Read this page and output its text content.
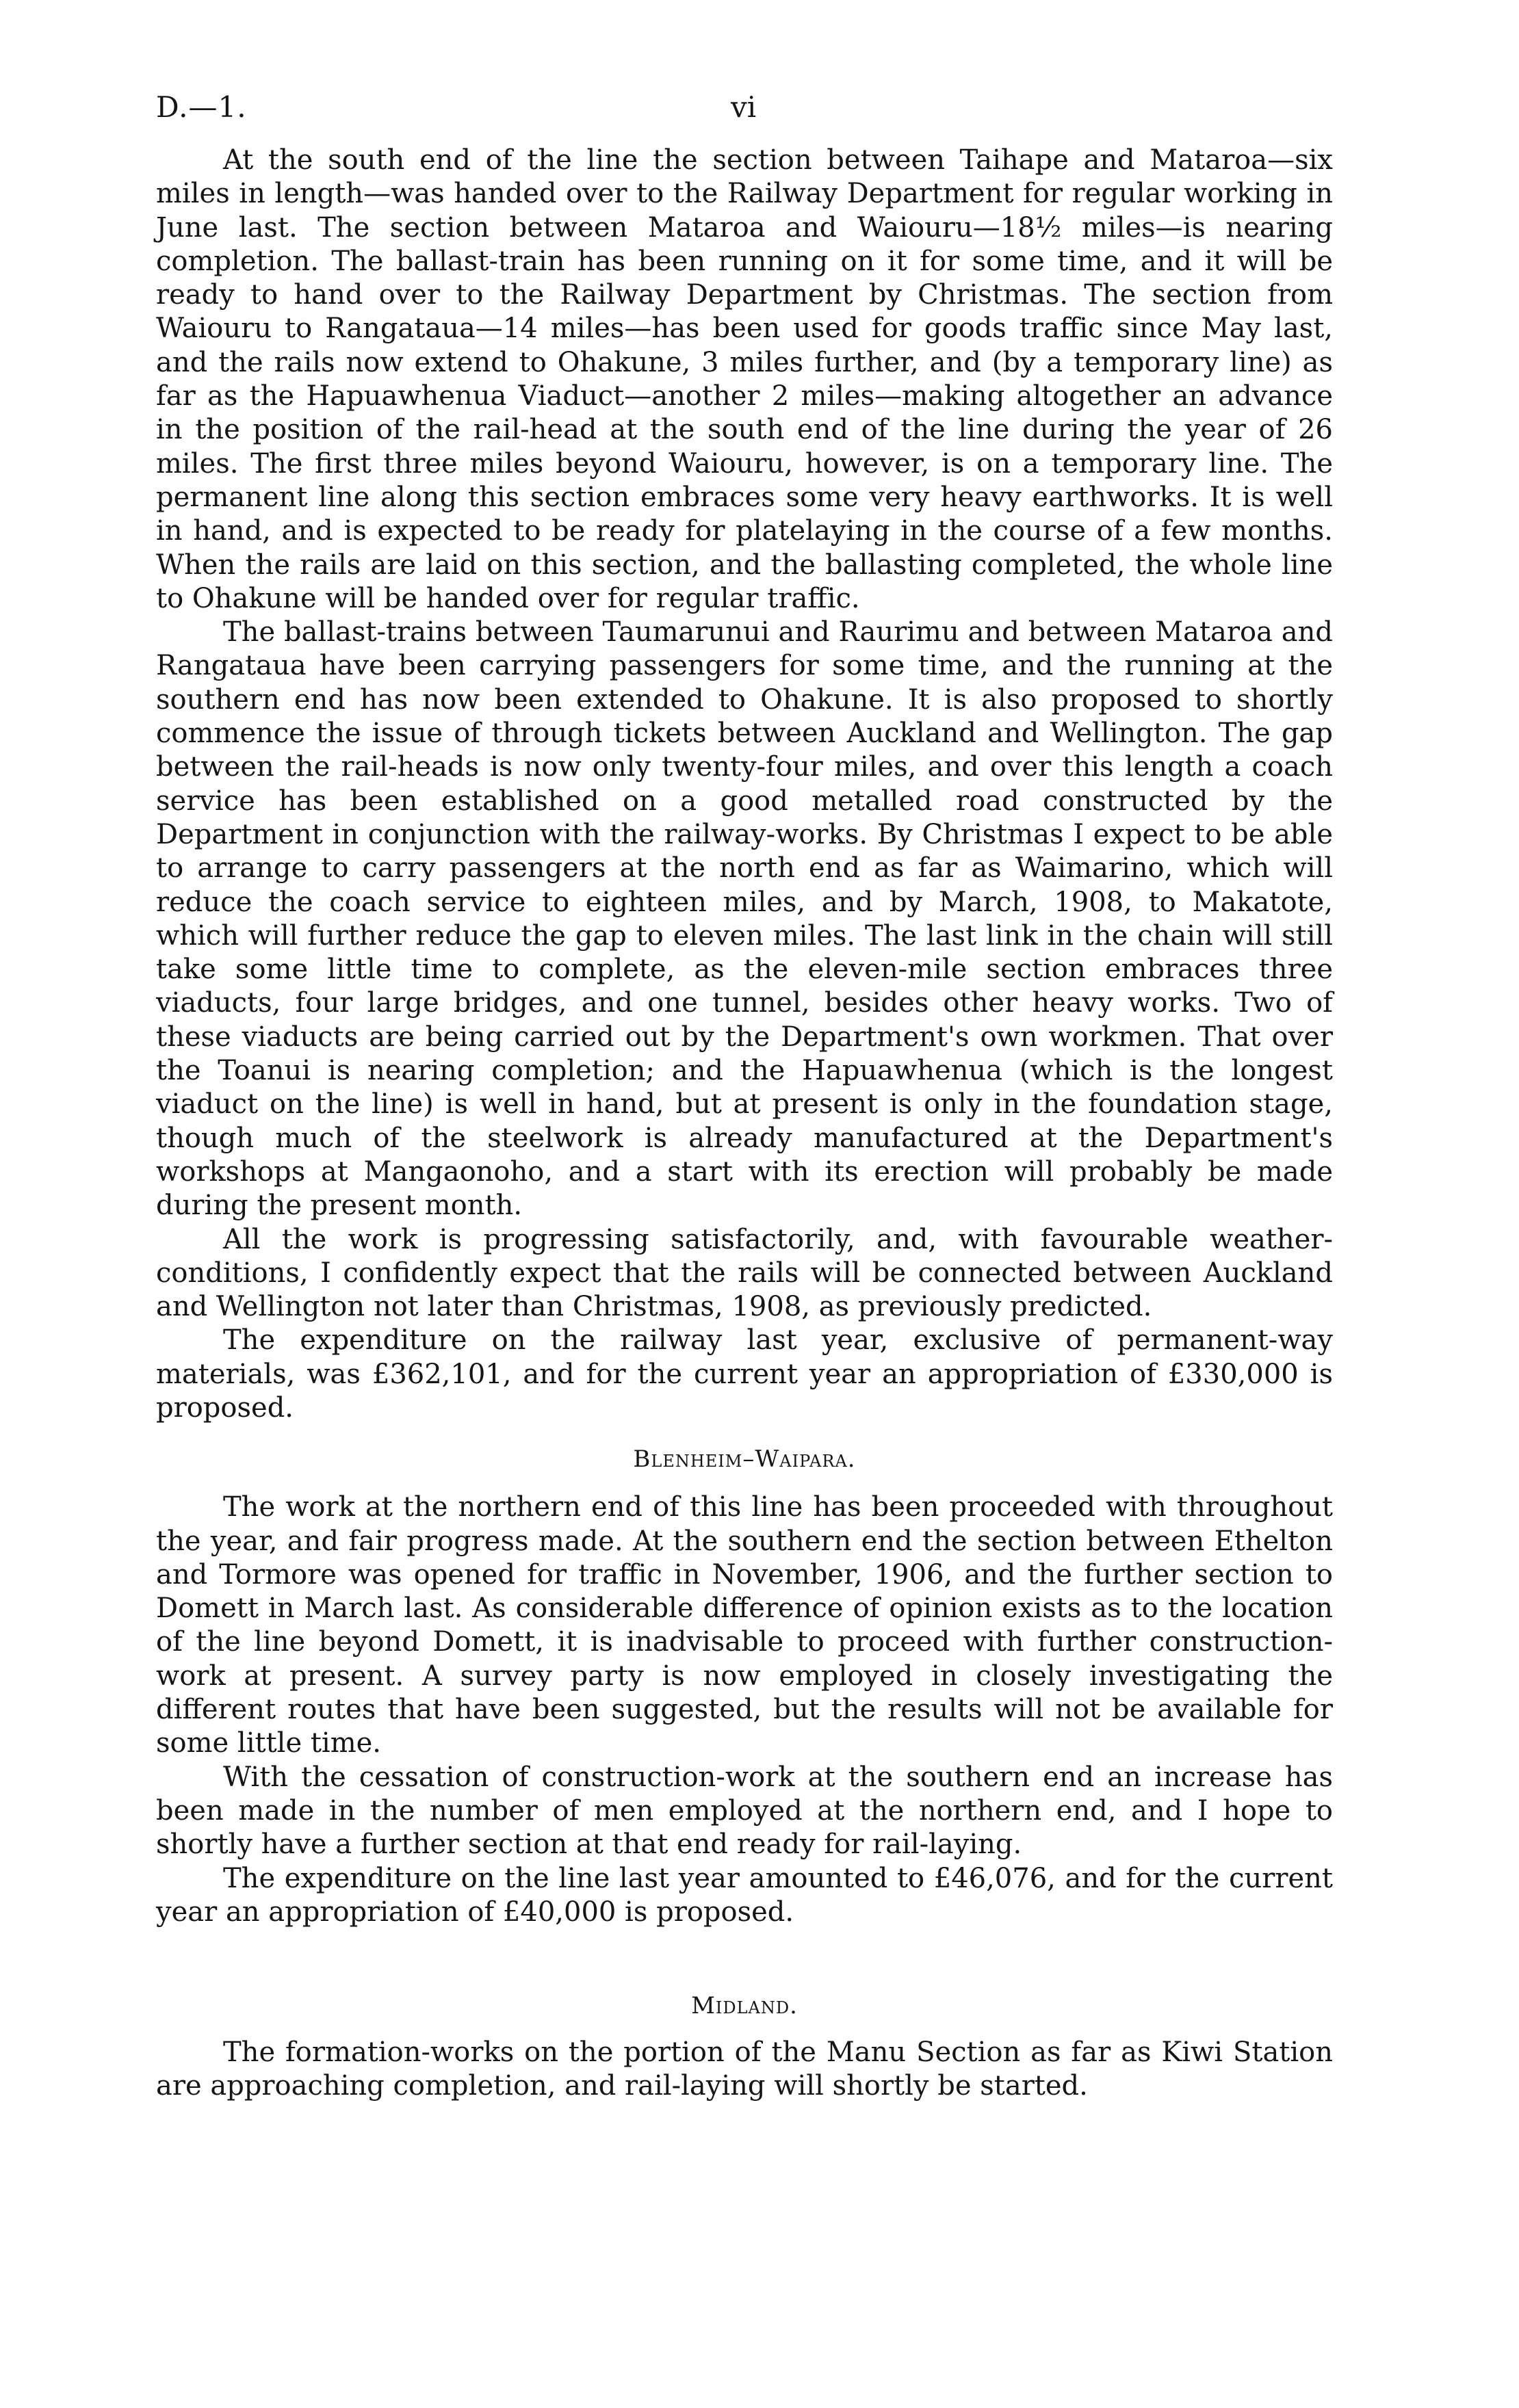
D.—1.	vi

At the south end of the line the section between Taihape and Mataroa—six miles in length—was handed over to the Railway Department for regular working in June last. The section between Mataroa and Waiouru—18½ miles—is nearing completion. The ballast-train has been running on it for some time, and it will be ready to hand over to the Railway Department by Christmas. The section from Waiouru to Rangataua—14 miles—has been used for goods traffic since May last, and the rails now extend to Ohakune, 3 miles further, and (by a temporary line) as far as the Hapuawhenua Viaduct—another 2 miles—making altogether an advance in the position of the rail-head at the south end of the line during the year of 26 miles. The first three miles beyond Waiouru, however, is on a temporary line. The permanent line along this section embraces some very heavy earthworks. It is well in hand, and is expected to be ready for platelaying in the course of a few months. When the rails are laid on this section, and the ballasting completed, the whole line to Ohakune will be handed over for regular traffic.

The ballast-trains between Taumarunui and Raurimu and between Mataroa and Rangataua have been carrying passengers for some time, and the running at the southern end has now been extended to Ohakune. It is also proposed to shortly commence the issue of through tickets between Auckland and Wellington. The gap between the rail-heads is now only twenty-four miles, and over this length a coach service has been established on a good metalled road constructed by the Department in conjunction with the railway-works. By Christmas I expect to be able to arrange to carry passengers at the north end as far as Waimarino, which will reduce the coach service to eighteen miles, and by March, 1908, to Makatote, which will further reduce the gap to eleven miles. The last link in the chain will still take some little time to complete, as the eleven-mile section embraces three viaducts, four large bridges, and one tunnel, besides other heavy works. Two of these viaducts are being carried out by the Department's own workmen. That over the Toanui is nearing completion; and the Hapuawhenua (which is the longest viaduct on the line) is well in hand, but at present is only in the foundation stage, though much of the steelwork is already manufactured at the Department's workshops at Mangaonoho, and a start with its erection will probably be made during the present month.

All the work is progressing satisfactorily, and, with favourable weather-conditions, I confidently expect that the rails will be connected between Auckland and Wellington not later than Christmas, 1908, as previously predicted.

The expenditure on the railway last year, exclusive of permanent-way materials, was £362,101, and for the current year an appropriation of £330,000 is proposed.

Blenheim–Waipara.

The work at the northern end of this line has been proceeded with throughout the year, and fair progress made. At the southern end the section between Ethelton and Tormore was opened for traffic in November, 1906, and the further section to Domett in March last. As considerable difference of opinion exists as to the location of the line beyond Domett, it is inadvisable to proceed with further construction-work at present. A survey party is now employed in closely investigating the different routes that have been suggested, but the results will not be available for some little time.

With the cessation of construction-work at the southern end an increase has been made in the number of men employed at the northern end, and I hope to shortly have a further section at that end ready for rail-laying.

The expenditure on the line last year amounted to £46,076, and for the current year an appropriation of £40,000 is proposed.

Midland.

The formation-works on the portion of the Manu Section as far as Kiwi Station are approaching completion, and rail-laying will shortly be started.
